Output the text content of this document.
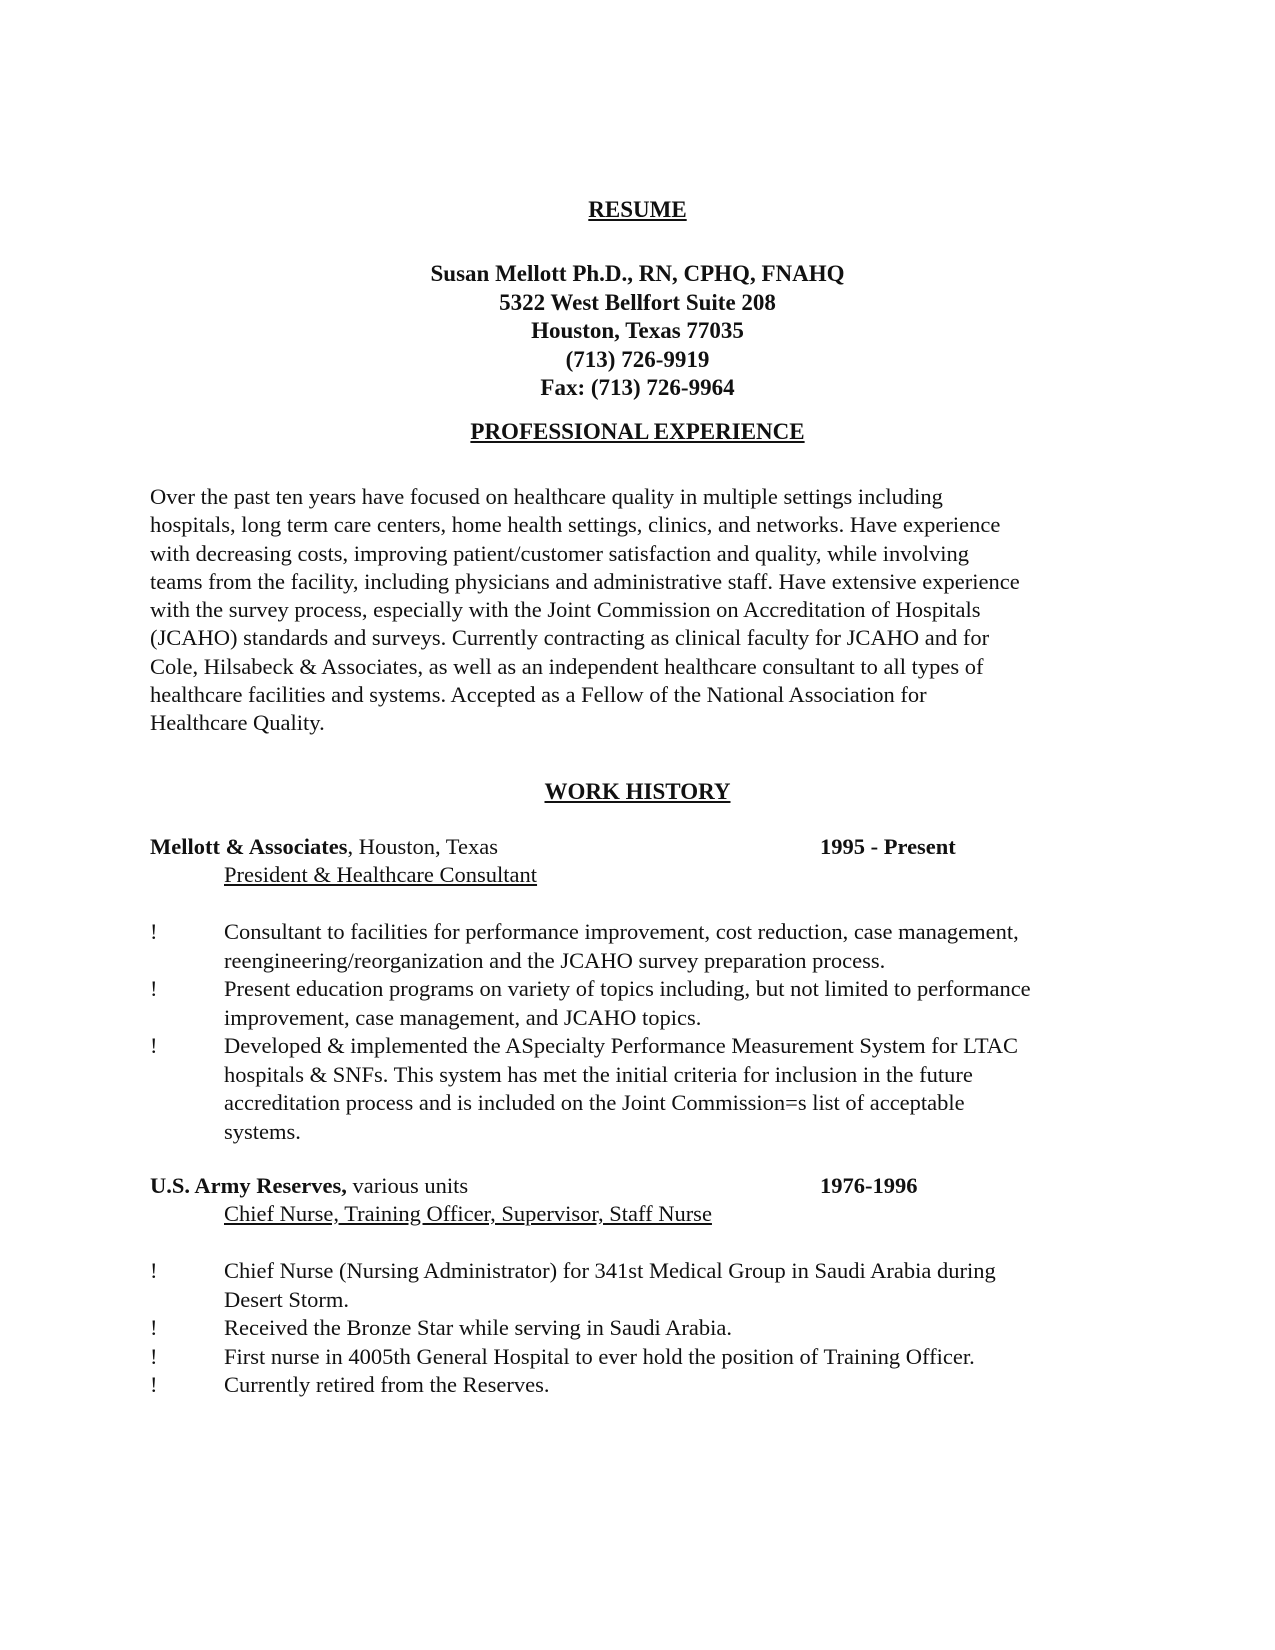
RESUME
Susan Mellott Ph.D., RN, CPHQ, FNAHQ
5322 West Bellfort Suite 208
Houston, Texas 77035
(713) 726-9919
Fax: (713) 726-9964
PROFESSIONAL EXPERIENCE
Over the past ten years have focused on healthcare quality in multiple settings including
hospitals, long term care centers, home health settings, clinics, and networks. Have experience
with decreasing costs, improving patient/customer satisfaction and quality, while involving
teams from the facility, including physicians and administrative staff. Have extensive experience
with the survey process, especially with the Joint Commission on Accreditation of Hospitals
(JCAHO) standards and surveys. Currently contracting as clinical faculty for JCAHO and for
Cole, Hilsabeck & Associates, as well as an independent healthcare consultant to all types of
healthcare facilities and systems. Accepted as a Fellow of the National Association for
Healthcare Quality.
WORK HISTORY
Mellott & Associates, Houston, Texas	1995 - Present
President & Healthcare Consultant
!	Consultant to facilities for performance improvement, cost reduction, case management,
reengineering/reorganization and the JCAHO survey preparation process.
!	Present education programs on variety of topics including, but not limited to performance
improvement, case management, and JCAHO topics.
!	Developed & implemented the ASpecialty Performance Measurement System for LTAC
hospitals & SNFs. This system has met the initial criteria for inclusion in the future
accreditation process and is included on the Joint Commission=s list of acceptable
systems.
U.S. Army Reserves, various units	1976-1996
Chief Nurse, Training Officer, Supervisor, Staff Nurse
!	Chief Nurse (Nursing Administrator) for 341st Medical Group in Saudi Arabia during
Desert Storm.
!	Received the Bronze Star while serving in Saudi Arabia.
!	First nurse in 4005th General Hospital to ever hold the position of Training Officer.
!	Currently retired from the Reserves.
